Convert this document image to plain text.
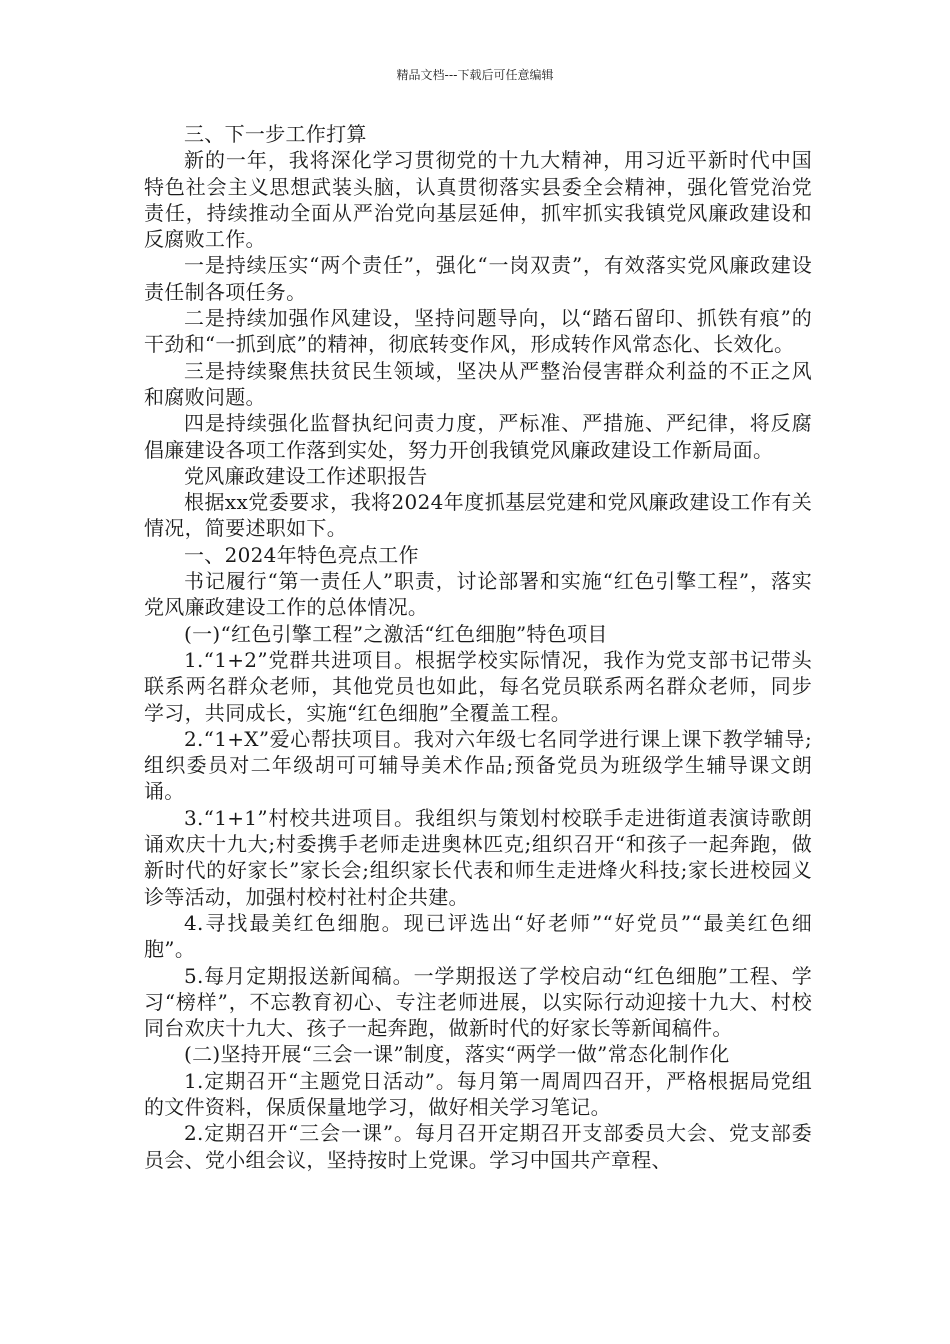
精品文档---下载后可任意编辑

三、下一步工作打算

新的一年，我将深化学习贯彻党的十九大精神，用习近平新时代中国特色社会主义思想武装头脑，认真贯彻落实县委全会精神，强化管党治党责任，持续推动全面从严治党向基层延伸，抓牢抓实我镇党风廉政建设和反腐败工作。

一是持续压实“两个责任”，强化“一岗双责”，有效落实党风廉政建设责任制各项任务。

二是持续加强作风建设，坚持问题导向，以“踏石留印、抓铁有痕”的干劲和“一抓到底”的精神，彻底转变作风，形成转作风常态化、长效化。

三是持续聚焦扶贫民生领域，坚决从严整治侵害群众利益的不正之风和腐败问题。

四是持续强化监督执纪问责力度，严标准、严措施、严纪律，将反腐倡廉建设各项工作落到实处，努力开创我镇党风廉政建设工作新局面。

党风廉政建设工作述职报告

根据xx党委要求，我将2024年度抓基层党建和党风廉政建设工作有关情况，简要述职如下。

一、2024年特色亮点工作

书记履行“第一责任人”职责，讨论部署和实施“红色引擎工程”，落实党风廉政建设工作的总体情况。

(一)“红色引擎工程”之激活“红色细胞”特色项目

1.“1+2”党群共进项目。根据学校实际情况，我作为党支部书记带头联系两名群众老师，其他党员也如此，每名党员联系两名群众老师，同步学习，共同成长，实施“红色细胞”全覆盖工程。

2.“1+X”爱心帮扶项目。我对六年级七名同学进行课上课下教学辅导;组织委员对二年级胡可可辅导美术作品;预备党员为班级学生辅导课文朗诵。

3.“1+1”村校共进项目。我组织与策划村校联手走进街道表演诗歌朗诵欢庆十九大;村委携手老师走进奥林匹克;组织召开“和孩子一起奔跑，做新时代的好家长”家长会;组织家长代表和师生走进烽火科技;家长进校园义诊等活动，加强村校村社村企共建。

4.寻找最美红色细胞。现已评选出“好老师”“好党员”“最美红色细胞”。

5.每月定期报送新闻稿。一学期报送了学校启动“红色细胞”工程、学习“榜样”，不忘教育初心、专注老师进展，以实际行动迎接十九大、村校同台欢庆十九大、孩子一起奔跑，做新时代的好家长等新闻稿件。

(二)坚持开展“三会一课”制度，落实“两学一做”常态化制作化

1.定期召开“主题党日活动”。每月第一周周四召开，严格根据局党组的文件资料，保质保量地学习，做好相关学习笔记。

2.定期召开“三会一课”。每月召开定期召开支部委员大会、党支部委员会、党小组会议，坚持按时上党课。学习中国共产章程、
